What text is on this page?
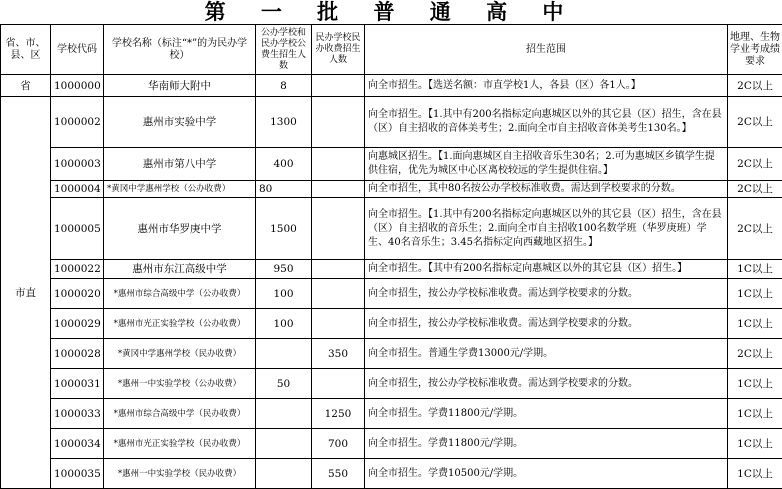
第 一 批 普 通 高 中
省、市、县、区	学校代码	学校名称（标注“*”的为民办学校）	公办学校和民办学校公费生招生人数	民办学校民办收费招生人数	招生范围	地理、生物学业考成绩要求
省	1000000	华南师大附中	8		向全市招生。【选送名额：市直学校1人，各县（区）各1人。】	2C以上
市直	1000002	惠州市实验中学	1300		向全市招生。【1.其中有200名指标定向惠城区以外的其它县（区）招生，含在县（区）自主招收的音体美考生；2.面向全市自主招收音体美考生130名。】	2C以上
	1000003	惠州市第八中学	400		向惠城区招生。【1.面向惠城区自主招收音乐生30名；2.可为惠城区乡镇学生提供住宿，优先为城区中心区离校较远的学生提供住宿。】	2C以上
	1000004	*黄冈中学惠州学校（公办收费）	80		向全市招生，其中80名按公办学校标准收费。需达到学校要求的分数。	2C以上
	1000005	惠州市华罗庚中学	1500		向全市招生。【1.其中有200名指标定向惠城区以外的其它县（区）招生，含在县（区）自主招收的音乐生；2.面向全市自主招收100名数学班（华罗庚班）学生、40名音乐生；3.45名指标定向西藏地区招生。】	2C以上
	1000022	惠州市东江高级中学	950		向全市招生。【其中有200名指标定向惠城区以外的其它县（区）招生。】	1C以上
	1000020	*惠州市综合高级中学（公办收费）	100		向全市招生，按公办学校标准收费。需达到学校要求的分数。	1C以上
	1000029	*惠州市光正实验学校（公办收费）	100		向全市招生，按公办学校标准收费。需达到学校要求的分数。	1C以上
	1000028	*黄冈中学惠州学校（民办收费）		350	向全市招生。普通生学费13000元/学期。	2C以上
	1000031	*惠州一中实验学校（公办收费）	50		向全市招生，按公办学校标准收费。需达到学校要求的分数。	1C以上
	1000033	*惠州市综合高级中学（民办收费）		1250	向全市招生。学费11800元/学期。	1C以上
	1000034	*惠州市光正实验学校（民办收费）		700	向全市招生。学费11800元/学期。	1C以上
	1000035	*惠州一中实验学校（民办收费）		550	向全市招生。学费10500元/学期。	1C以上
